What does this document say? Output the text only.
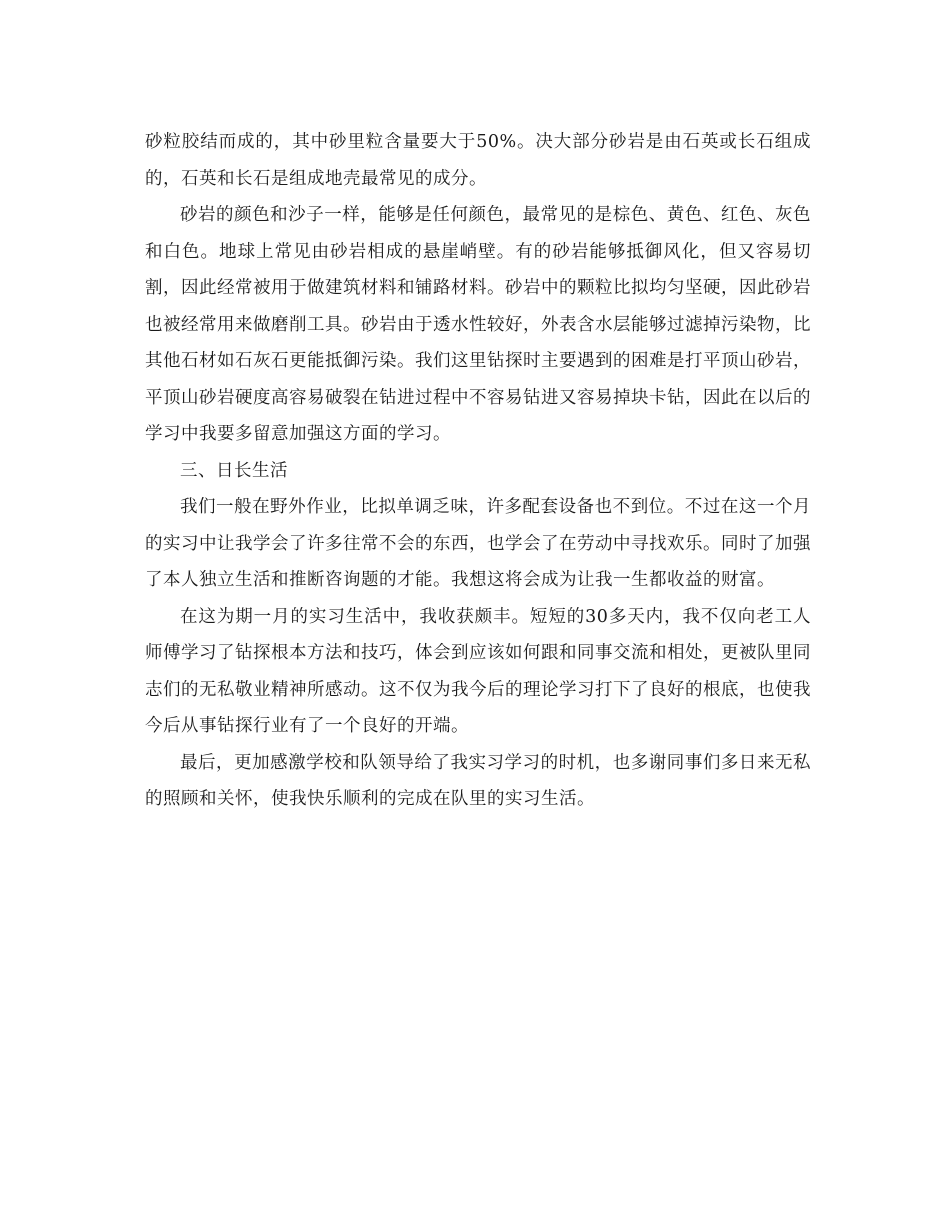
砂粒胶结而成的，其中砂里粒含量要大于50%。决大部分砂岩是由石英或长石组成的，石英和长石是组成地壳最常见的成分。

砂岩的颜色和沙子一样，能够是任何颜色，最常见的是棕色、黄色、红色、灰色和白色。地球上常见由砂岩相成的悬崖峭壁。有的砂岩能够抵御风化，但又容易切割，因此经常被用于做建筑材料和铺路材料。砂岩中的颗粒比拟均匀坚硬，因此砂岩也被经常用来做磨削工具。砂岩由于透水性较好，外表含水层能够过滤掉污染物，比其他石材如石灰石更能抵御污染。我们这里钻探时主要遇到的困难是打平顶山砂岩，平顶山砂岩硬度高容易破裂在钻进过程中不容易钻进又容易掉块卡钻，因此在以后的学习中我要多留意加强这方面的学习。

三、日长生活

我们一般在野外作业，比拟单调乏味，许多配套设备也不到位。不过在这一个月的实习中让我学会了许多往常不会的东西，也学会了在劳动中寻找欢乐。同时了加强了本人独立生活和推断咨询题的才能。我想这将会成为让我一生都收益的财富。

在这为期一月的实习生活中，我收获颇丰。短短的30多天内，我不仅向老工人师傅学习了钻探根本方法和技巧，体会到应该如何跟和同事交流和相处，更被队里同志们的无私敬业精神所感动。这不仅为我今后的理论学习打下了良好的根底，也使我今后从事钻探行业有了一个良好的开端。

最后，更加感激学校和队领导给了我实习学习的时机，也多谢同事们多日来无私的照顾和关怀，使我快乐顺利的完成在队里的实习生活。
